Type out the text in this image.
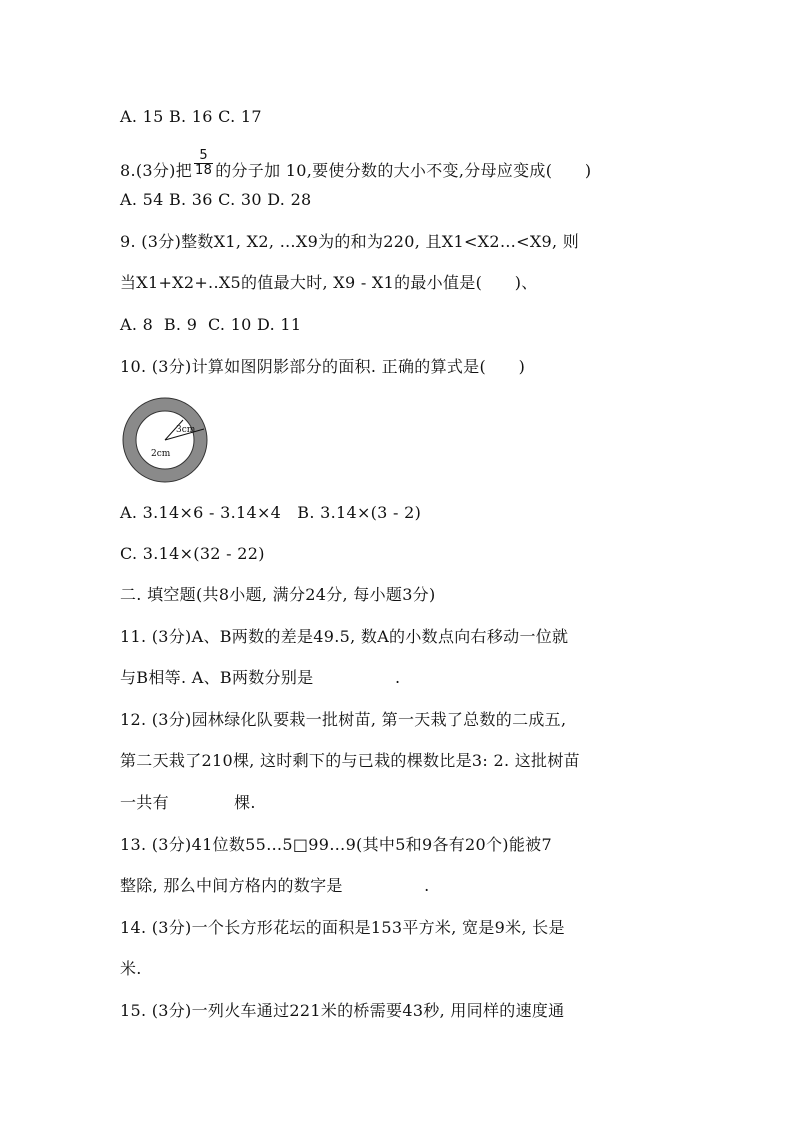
A. 15 B. 16 C. 17
8.(3分)把 $\frac{5}{18}$ 的分子加 10,要使分数的大小不变,分母应变成(　　)
A. 54 B. 36 C. 30 D. 28
9. (3分)整数X1, X2, …X9为的和为220, 且X1<X2…<X9, 则
当X1+X2+..X5的值最大时, X9 - X1的最小值是(　　)、
A. 8  B. 9  C. 10 D. 11
10. (3分)计算如图阴影部分的面积. 正确的算式是(　　)
3cm
2cm
A. 3.14×6 - 3.14×4   B. 3.14×(3 - 2)
C. 3.14×(32 - 22)
二. 填空题(共8小题, 满分24分, 每小题3分)
11. (3分)A、B两数的差是49.5, 数A的小数点向右移动一位就
与B相等. A、B两数分别是　　　　　.
12. (3分)园林绿化队要栽一批树苗, 第一天栽了总数的二成五,
第二天栽了210棵, 这时剩下的与已栽的棵数比是3: 2. 这批树苗
一共有　　　　棵.
13. (3分)41位数55…5□99…9(其中5和9各有20个)能被7
整除, 那么中间方格内的数字是　　　　　.
14. (3分)一个长方形花坛的面积是153平方米, 宽是9米, 长是
米.
15. (3分)一列火车通过221米的桥需要43秒, 用同样的速度通
